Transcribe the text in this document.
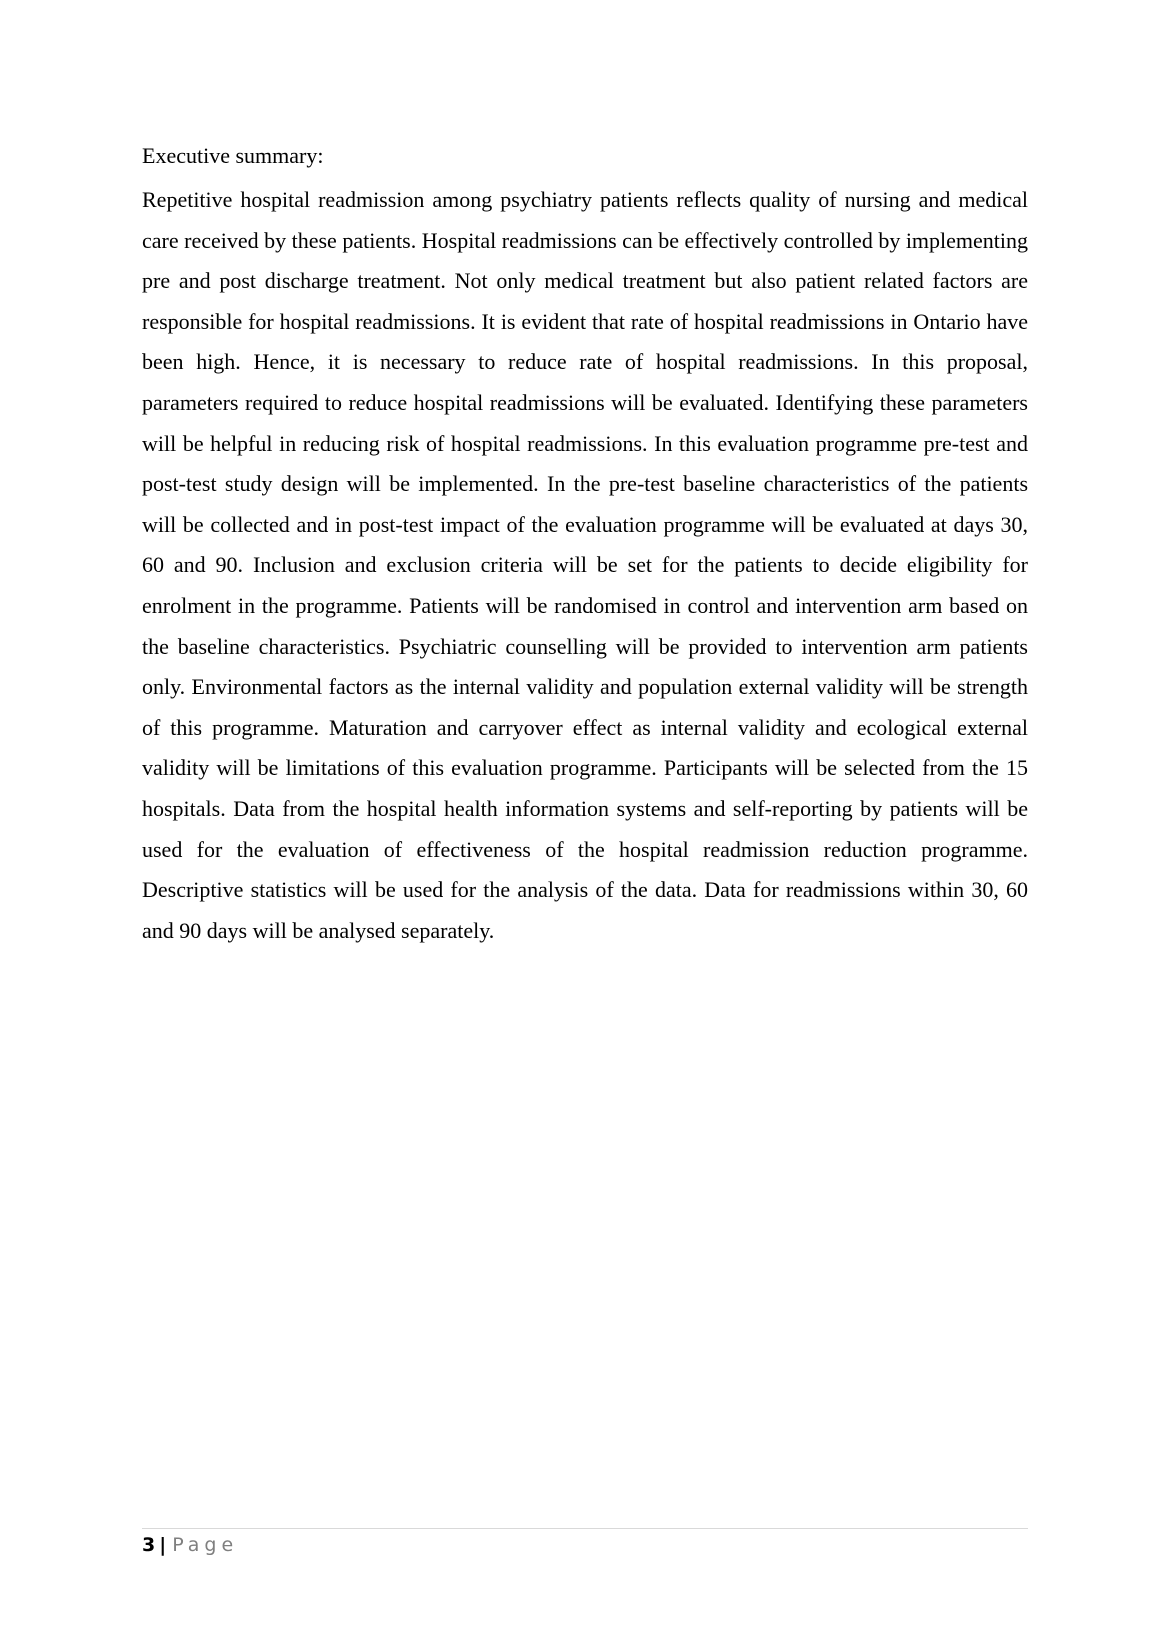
Executive summary:

Repetitive hospital readmission among psychiatry patients reflects quality of nursing and medical care received by these patients. Hospital readmissions can be effectively controlled by implementing pre and post discharge treatment. Not only medical treatment but also patient related factors are responsible for hospital readmissions. It is evident that rate of hospital readmissions in Ontario have been high. Hence, it is necessary to reduce rate of hospital readmissions. In this proposal, parameters required to reduce hospital readmissions will be evaluated. Identifying these parameters will be helpful in reducing risk of hospital readmissions. In this evaluation programme pre-test and post-test study design will be implemented. In the pre-test baseline characteristics of the patients will be collected and in post-test impact of the evaluation programme will be evaluated at days 30, 60 and 90. Inclusion and exclusion criteria will be set for the patients to decide eligibility for enrolment in the programme. Patients will be randomised in control and intervention arm based on the baseline characteristics. Psychiatric counselling will be provided to intervention arm patients only. Environmental factors as the internal validity and population external validity will be strength of this programme. Maturation and carryover effect as internal validity and ecological external validity will be limitations of this evaluation programme. Participants will be selected from the 15 hospitals. Data from the hospital health information systems and self-reporting by patients will be used for the evaluation of effectiveness of the hospital readmission reduction programme. Descriptive statistics will be used for the analysis of the data. Data for readmissions within 30, 60 and 90 days will be analysed separately.

3 | Page
